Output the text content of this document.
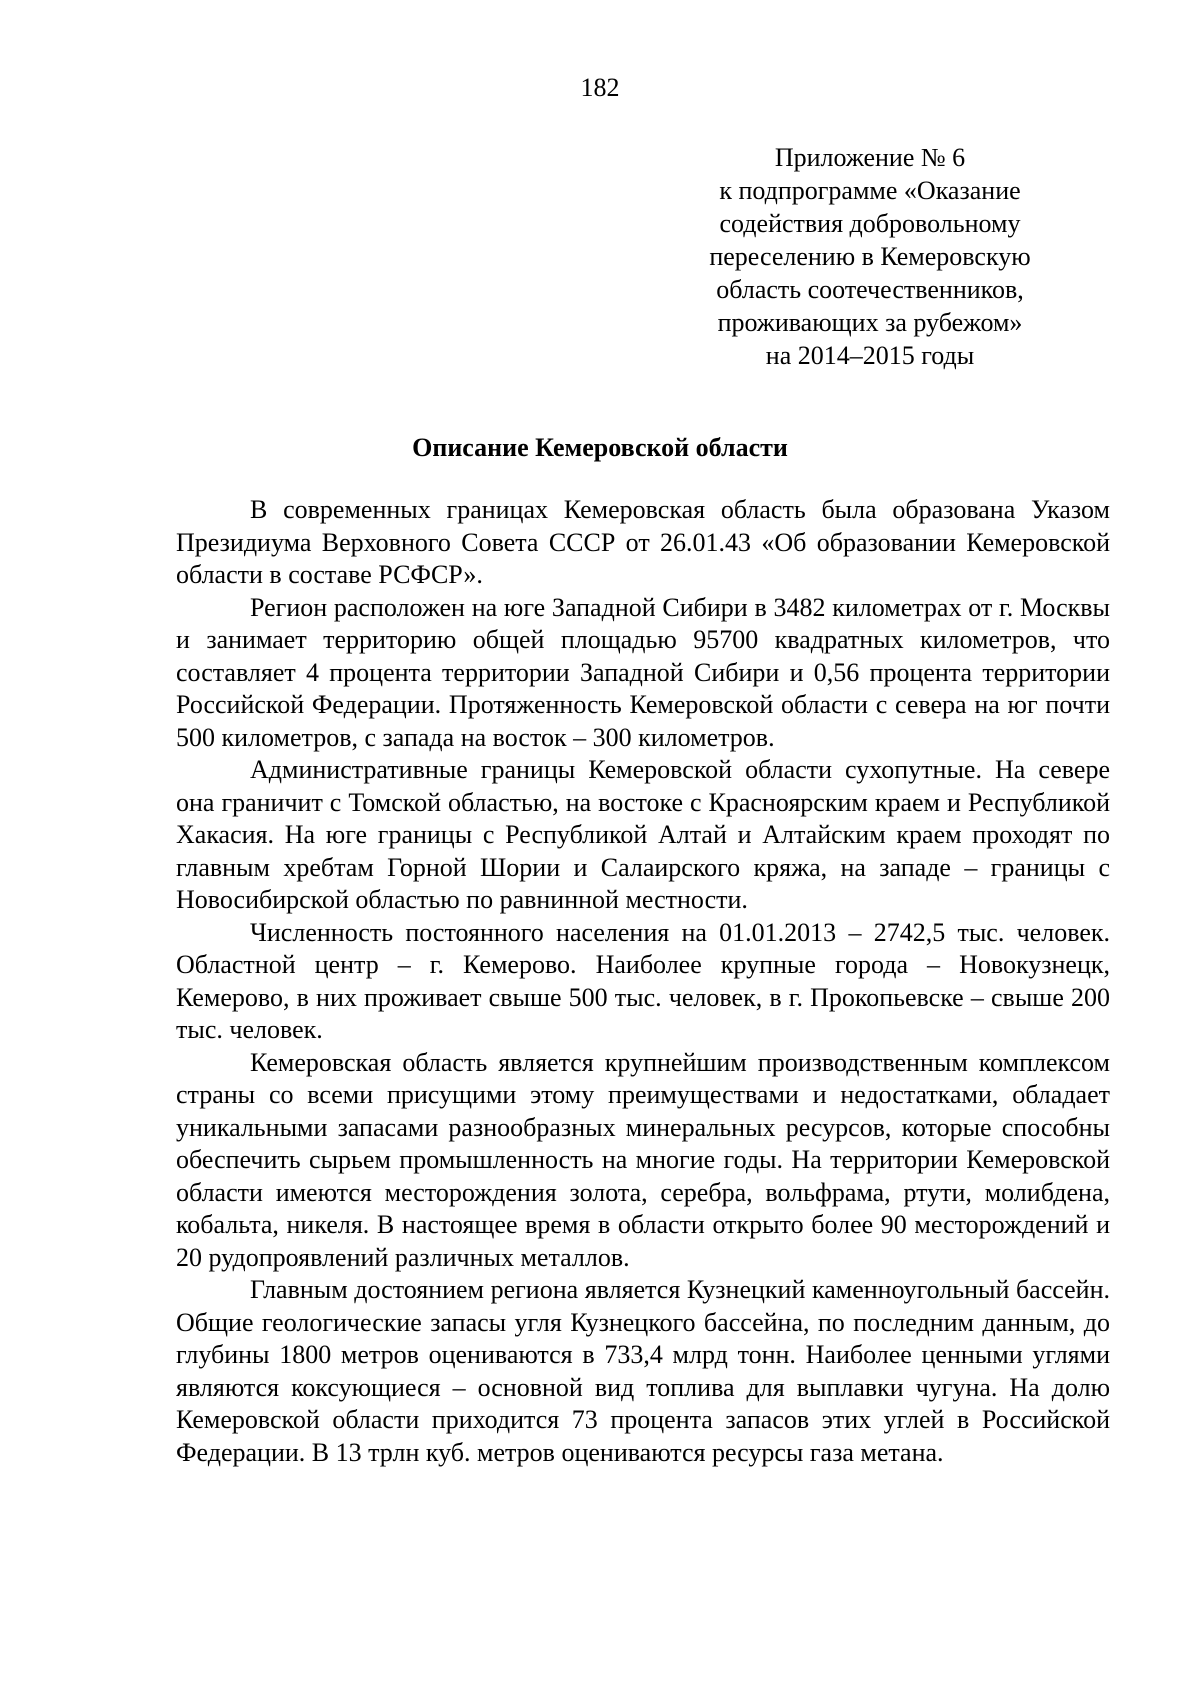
182
Приложение № 6
к подпрограмме «Оказание
содействия добровольному
переселению в Кемеровскую
область соотечественников,
проживающих за рубежом»
на 2014–2015 годы
Описание Кемеровской области

В современных границах Кемеровская область была образована Указом Президиума Верховного Совета СССР от 26.01.43 «Об образовании Кемеровской области в составе РСФСР».

Регион расположен на юге Западной Сибири в 3482 километрах от г. Москвы и занимает территорию общей площадью 95700 квадратных километров, что составляет 4 процента территории Западной Сибири и 0,56 процента территории Российской Федерации. Протяженность Кемеровской области с севера на юг почти 500 километров, с запада на восток – 300 километров.

Административные границы Кемеровской области сухопутные. На севере она граничит с Томской областью, на востоке с Красноярским краем и Республикой Хакасия. На юге границы с Республикой Алтай и Алтайским краем проходят по главным хребтам Горной Шории и Салаирского кряжа, на западе – границы с Новосибирской областью по равнинной местности.

Численность постоянного населения на 01.01.2013 – 2742,5 тыс. человек. Областной центр – г. Кемерово. Наиболее крупные города – Новокузнецк, Кемерово, в них проживает свыше 500 тыс. человек, в г. Прокопьевске – свыше 200 тыс. человек.

Кемеровская область является крупнейшим производственным комплексом страны со всеми присущими этому преимуществами и недостатками, обладает уникальными запасами разнообразных минеральных ресурсов, которые способны обеспечить сырьем промышленность на многие годы. На территории Кемеровской области имеются месторождения золота, серебра, вольфрама, ртути, молибдена, кобальта, никеля. В настоящее время в области открыто более 90 месторождений и 20 рудопроявлений различных металлов.

Главным достоянием региона является Кузнецкий каменноугольный бассейн. Общие геологические запасы угля Кузнецкого бассейна, по последним данным, до глубины 1800 метров оцениваются в 733,4 млрд тонн. Наиболее ценными углями являются коксующиеся – основной вид топлива для выплавки чугуна. На долю Кемеровской области приходится 73 процента запасов этих углей в Российской Федерации. В 13 трлн куб. метров оцениваются ресурсы газа метана.
